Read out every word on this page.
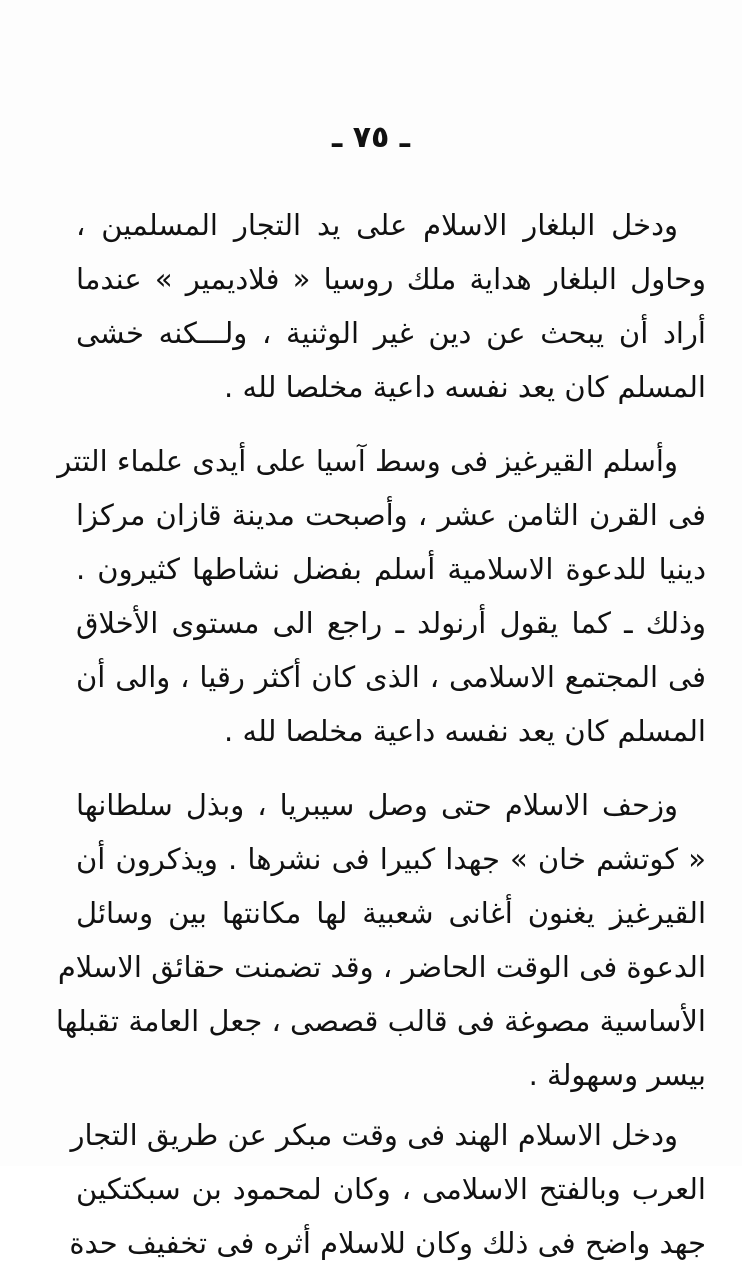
ـ ٧٥ ـ
ودخل البلغار الاسلام على يد التجار المسلمين ،
وحاول البلغار هداية ملك روسيا « فلاديمير » عندما
أراد أن يبحث عن دين غير الوثنية ، ولـــكنه خشى
المسلم كان يعد نفسه داعية مخلصا لله .
وأسلم القيرغيز فى وسط آسيا على أيدى علماء التتر
فى القرن الثامن عشر ، وأصبحت مدينة قازان مركزا
دينيا للدعوة الاسلامية أسلم بفضل نشاطها كثيرون .
وذلك ـ كما يقول أرنولد ـ راجع الى مستوى الأخلاق
فى المجتمع الاسلامى ، الذى كان أكثر رقيا ، والى أن
المسلم كان يعد نفسه داعية مخلصا لله .
وزحف الاسلام حتى وصل سيبريا ، وبذل سلطانها
« كوتشم خان » جهدا كبيرا فى نشرها . ويذكرون أن
القيرغيز يغنون أغانى شعبية لها مكانتها بين وسائل
الدعوة فى الوقت الحاضر ، وقد تضمنت حقائق الاسلام
الأساسية مصوغة فى قالب قصصى ، جعل العامة تقبلها
بيسر وسهولة .
ودخل الاسلام الهند فى وقت مبكر عن طريق التجار
العرب وبالفتح الاسلامى ، وكان لمحمود بن سبكتكين
جهد واضح فى ذلك وكان للاسلام أثره فى تخفيف حدة
